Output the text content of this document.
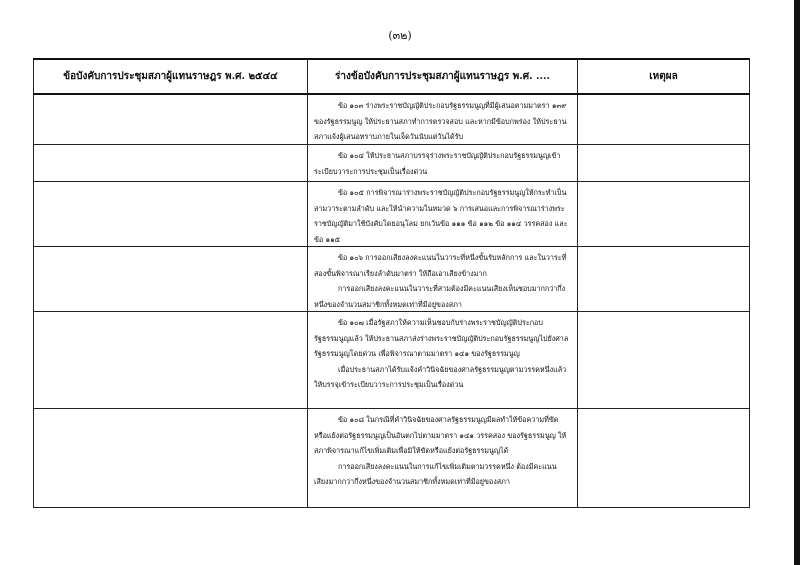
(๓๒)
ข้อบังคับการประชุมสภาผู้แทนราษฎร พ.ศ. ๒๕๔๔	ร่างข้อบังคับการประชุมสภาผู้แทนราษฎร พ.ศ. ....	เหตุผล

	ข้อ ๑๐๓ ร่างพระราชบัญญัติประกอบรัฐธรรมนูญที่มีผู้เสนอตามมาตรา ๑๓๙ ของรัฐธรรมนูญ ให้ประธานสภาทำการตรวจสอบ และหากมีข้อบกพร่อง ให้ประธานสภาแจ้งผู้เสนอทราบภายในเจ็ดวันนับแต่วันได้รับ	

	ข้อ ๑๐๔ ให้ประธานสภาบรรจุร่างพระราชบัญญัติประกอบรัฐธรรมนูญเข้าระเบียบวาระการประชุมเป็นเรื่องด่วน	

	ข้อ ๑๐๕ การพิจารณาร่างพระราชบัญญัติประกอบรัฐธรรมนูญให้กระทำเป็นสามวาระตามลำดับ และให้นำความในหมวด ๖ การเสนอและการพิจารณาร่างพระราชบัญญัติมาใช้บังคับโดยอนุโลม ยกเว้นข้อ ๑๑๑ ข้อ ๑๑๒ ข้อ ๑๑๔ วรรคสอง และข้อ ๑๑๕	

	ข้อ ๑๐๖ การออกเสียงลงคะแนนในวาระที่หนึ่งขั้นรับหลักการ และในวาระที่สองขั้นพิจารณาเรียงลำดับมาตรา ให้ถือเอาเสียงข้างมาก

การออกเสียงลงคะแนนในวาระที่สามต้องมีคะแนนเสียงเห็นชอบมากกว่ากึ่งหนึ่งของจำนวนสมาชิกทั้งหมดเท่าที่มีอยู่ของสภา	

	ข้อ ๑๐๗ เมื่อรัฐสภาให้ความเห็นชอบกับร่างพระราชบัญญัติประกอบรัฐธรรมนูญแล้ว ให้ประธานสภาส่งร่างพระราชบัญญัติประกอบรัฐธรรมนูญไปยังศาลรัฐธรรมนูญโดยด่วน เพื่อพิจารณาตามมาตรา ๑๔๑ ของรัฐธรรมนูญ

เมื่อประธานสภาได้รับแจ้งคำวินิจฉัยของศาลรัฐธรรมนูญตามวรรคหนึ่งแล้ว ให้บรรจุเข้าระเบียบวาระการประชุมเป็นเรื่องด่วน	

	ข้อ ๑๐๘ ในกรณีที่คำวินิจฉัยของศาลรัฐธรรมนูญมีผลทำให้ข้อความที่ขัดหรือแย้งต่อรัฐธรรมนูญเป็นอันตกไปตามมาตรา ๑๔๑ วรรคสอง ของรัฐธรรมนูญ ให้สภาพิจารณาแก้ไขเพิ่มเติมเพื่อมิให้ขัดหรือแย้งต่อรัฐธรรมนูญได้

การออกเสียงลงคะแนนในการแก้ไขเพิ่มเติมตามวรรคหนึ่ง ต้องมีคะแนนเสียงมากกว่ากึ่งหนึ่งของจำนวนสมาชิกทั้งหมดเท่าที่มีอยู่ของสภา	
